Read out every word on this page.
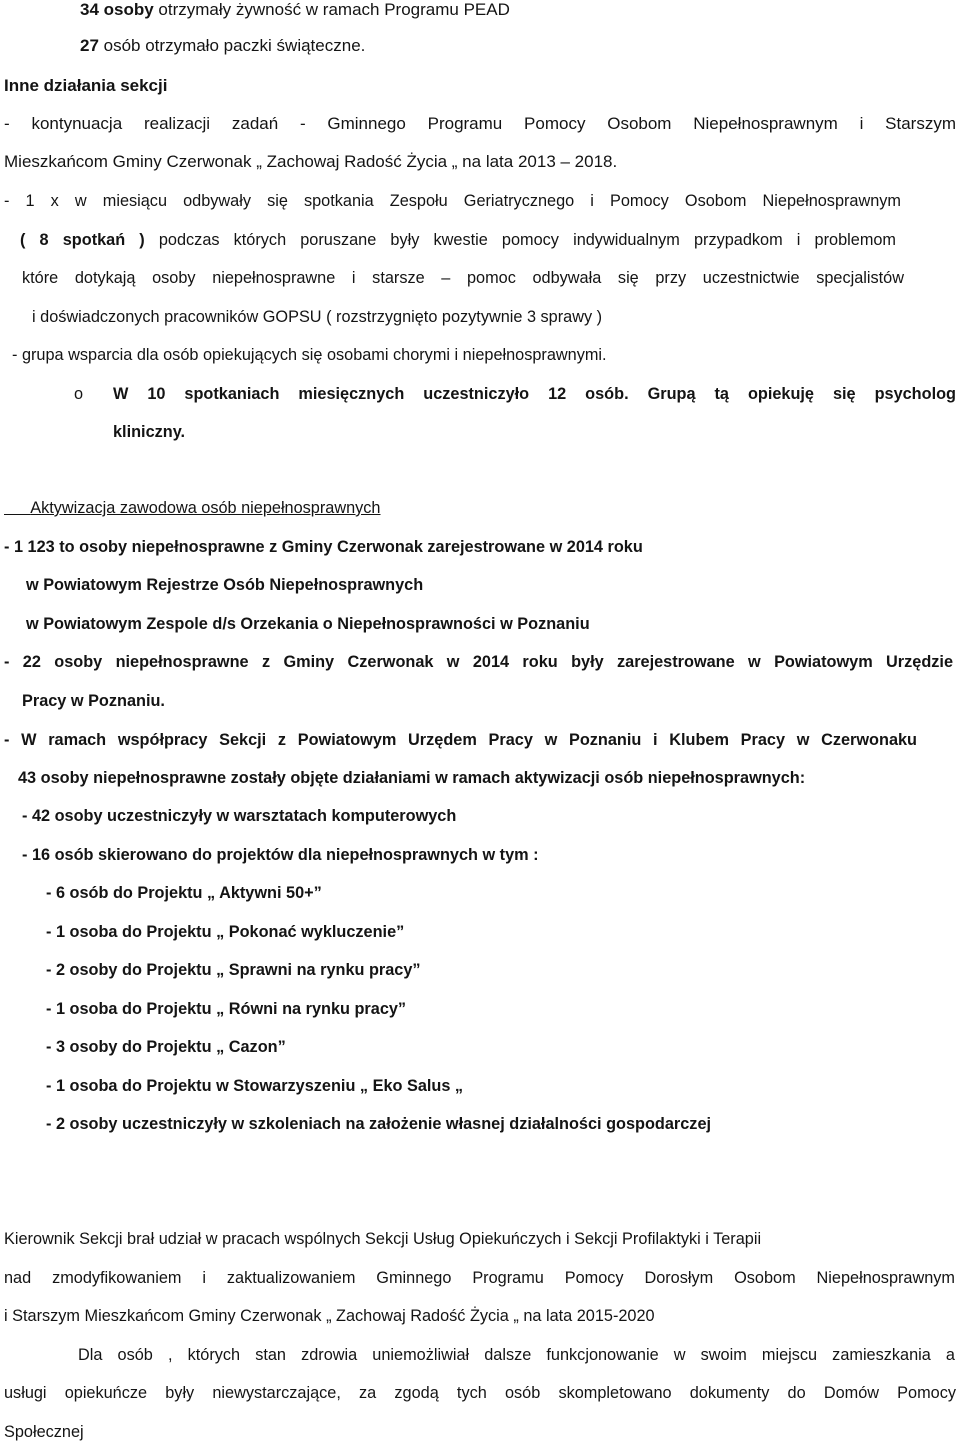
34 osoby otrzymały żywność w ramach Programu PEAD
27 osób otrzymało paczki świąteczne.
Inne działania sekcji
- kontynuacja realizacji zadań - Gminnego Programu Pomocy Osobom Niepełnosprawnym i Starszym
Mieszkańcom Gminy Czerwonak „ Zachowaj Radość Życia „ na lata 2013 – 2018.
- 1 x w miesiącu odbywały się spotkania Zespołu Geriatrycznego i Pomocy Osobom Niepełnosprawnym
( 8 spotkań ) podczas których poruszane były kwestie pomocy indywidualnym przypadkom i problemom
które dotykają osoby niepełnosprawne i starsze – pomoc odbywała się przy uczestnictwie specjalistów
i doświadczonych pracowników GOPSU ( rozstrzygnięto pozytywnie 3 sprawy )
- grupa wsparcia dla osób opiekujących się osobami chorymi i niepełnosprawnymi.
o W 10 spotkaniach miesięcznych uczestniczyło 12 osób. Grupą tą opiekuję się psycholog
kliniczny.
Aktywizacja zawodowa osób niepełnosprawnych
- 1 123 to osoby niepełnosprawne z Gminy Czerwonak zarejestrowane w 2014 roku
w Powiatowym Rejestrze Osób Niepełnosprawnych
w Powiatowym Zespole d/s Orzekania o Niepełnosprawności w Poznaniu
- 22 osoby niepełnosprawne z Gminy Czerwonak w 2014 roku były zarejestrowane w Powiatowym Urzędzie
Pracy w Poznaniu.
- W ramach współpracy Sekcji z Powiatowym Urzędem Pracy w Poznaniu i Klubem Pracy w Czerwonaku
43 osoby niepełnosprawne zostały objęte działaniami w ramach aktywizacji osób niepełnosprawnych:
- 42 osoby uczestniczyły w warsztatach komputerowych
- 16 osób skierowano do projektów dla niepełnosprawnych w tym :
- 6 osób do Projektu „ Aktywni 50+”
- 1 osoba do Projektu „ Pokonać wykluczenie”
- 2 osoby do Projektu „ Sprawni na rynku pracy”
- 1 osoba do Projektu „ Równi na rynku pracy”
- 3 osoby do Projektu „ Cazon”
- 1 osoba do Projektu w Stowarzyszeniu „ Eko Salus „
- 2 osoby uczestniczyły w szkoleniach na założenie własnej działalności gospodarczej
Kierownik Sekcji brał udział w pracach wspólnych Sekcji Usług Opiekuńczych i Sekcji Profilaktyki i Terapii
nad zmodyfikowaniem i zaktualizowaniem Gminnego Programu Pomocy Dorosłym Osobom Niepełnosprawnym
i Starszym Mieszkańcom Gminy Czerwonak „ Zachowaj Radość Życia „ na lata 2015-2020
Dla osób , których stan zdrowia uniemożliwiał dalsze funkcjonowanie w swoim miejscu zamieszkania a
usługi opiekuńcze były niewystarczające, za zgodą tych osób skompletowano dokumenty do Domów Pomocy
Społecznej
